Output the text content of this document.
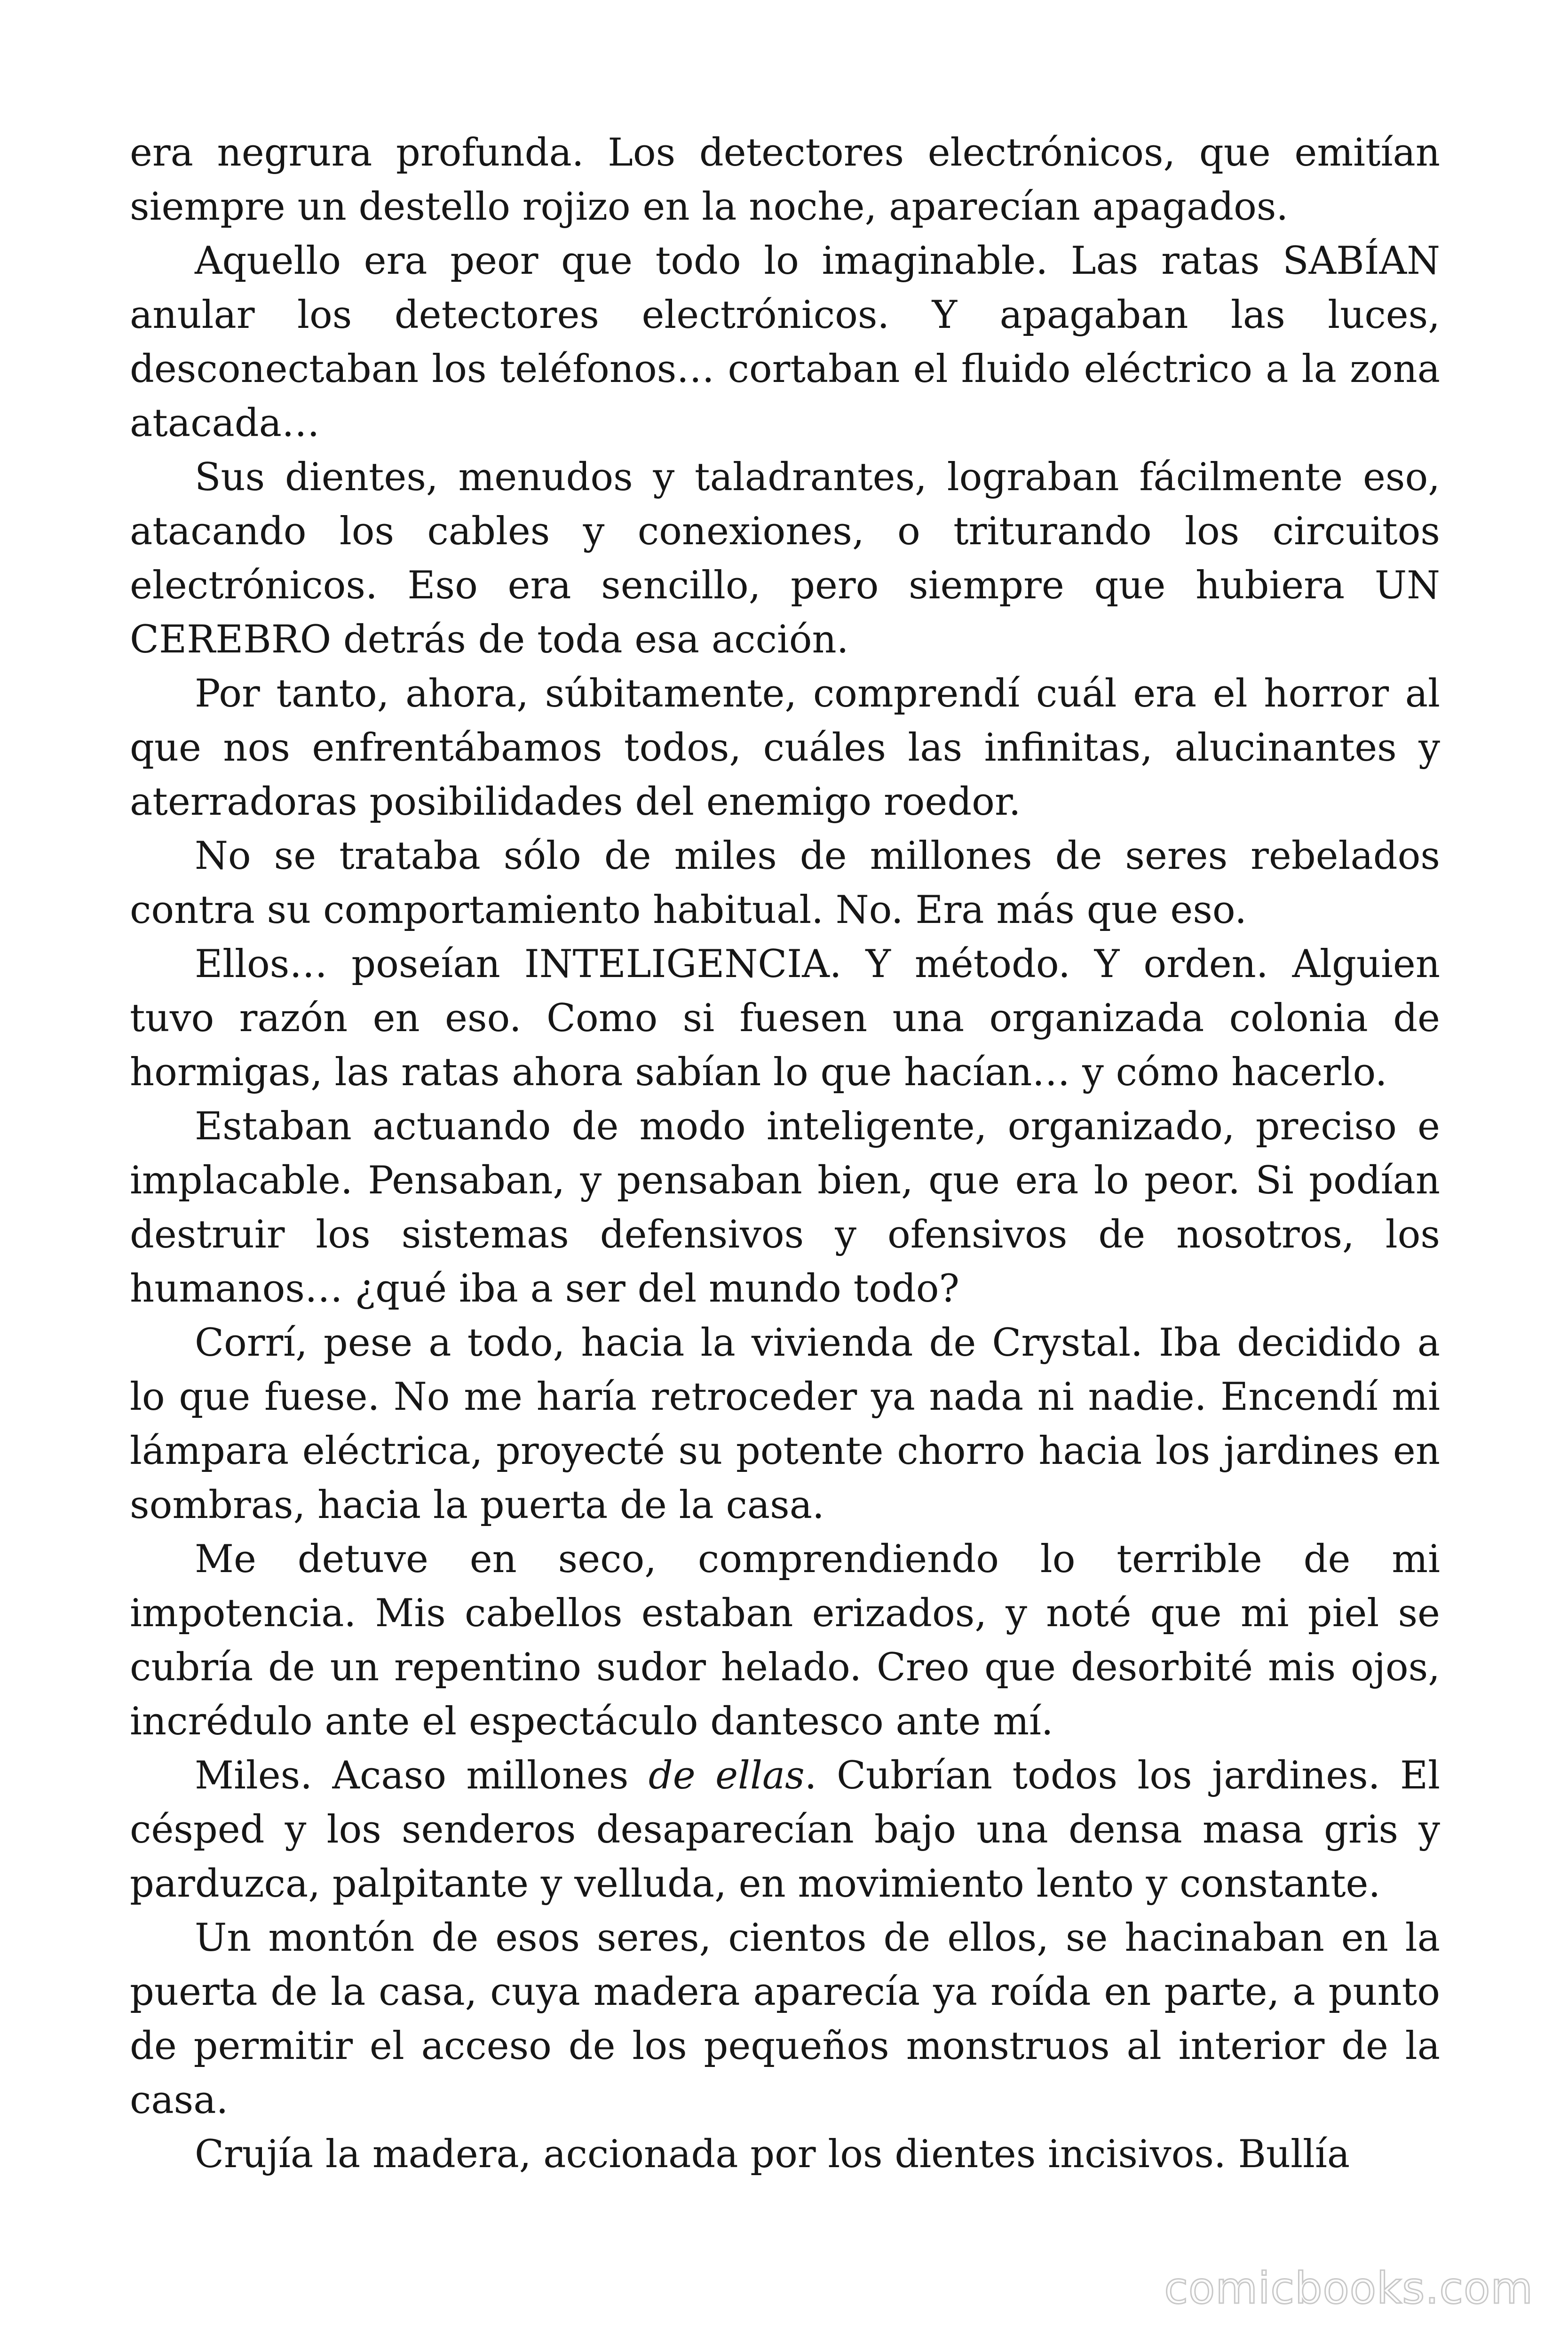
era negrura profunda. Los detectores electrónicos, que emitían siempre un destello rojizo en la noche, aparecían apagados.

Aquello era peor que todo lo imaginable. Las ratas SABÍAN anular los detectores electrónicos. Y apagaban las luces, desconectaban los teléfonos… cortaban el fluido eléctrico a la zona atacada…

Sus dientes, menudos y taladrantes, lograban fácilmente eso, atacando los cables y conexiones, o triturando los circuitos electrónicos. Eso era sencillo, pero siempre que hubiera UN CEREBRO detrás de toda esa acción.

Por tanto, ahora, súbitamente, comprendí cuál era el horror al que nos enfrentábamos todos, cuáles las infinitas, alucinantes y aterradoras posibilidades del enemigo roedor.

No se trataba sólo de miles de millones de seres rebelados contra su comportamiento habitual. No. Era más que eso.

Ellos… poseían INTELIGENCIA. Y método. Y orden. Alguien tuvo razón en eso. Como si fuesen una organizada colonia de hormigas, las ratas ahora sabían lo que hacían… y cómo hacerlo.

Estaban actuando de modo inteligente, organizado, preciso e implacable. Pensaban, y pensaban bien, que era lo peor. Si podían destruir los sistemas defensivos y ofensivos de nosotros, los humanos… ¿qué iba a ser del mundo todo?

Corrí, pese a todo, hacia la vivienda de Crystal. Iba decidido a lo que fuese. No me haría retroceder ya nada ni nadie. Encendí mi lámpara eléctrica, proyecté su potente chorro hacia los jardines en sombras, hacia la puerta de la casa.

Me detuve en seco, comprendiendo lo terrible de mi impotencia. Mis cabellos estaban erizados, y noté que mi piel se cubría de un repentino sudor helado. Creo que desorbité mis ojos, incrédulo ante el espectáculo dantesco ante mí.

Miles. Acaso millones de ellas. Cubrían todos los jardines. El césped y los senderos desaparecían bajo una densa masa gris y parduzca, palpitante y velluda, en movimiento lento y constante.

Un montón de esos seres, cientos de ellos, se hacinaban en la puerta de la casa, cuya madera aparecía ya roída en parte, a punto de permitir el acceso de los pequeños monstruos al interior de la casa.

Crujía la madera, accionada por los dientes incisivos. Bullía

comicbooks.com
